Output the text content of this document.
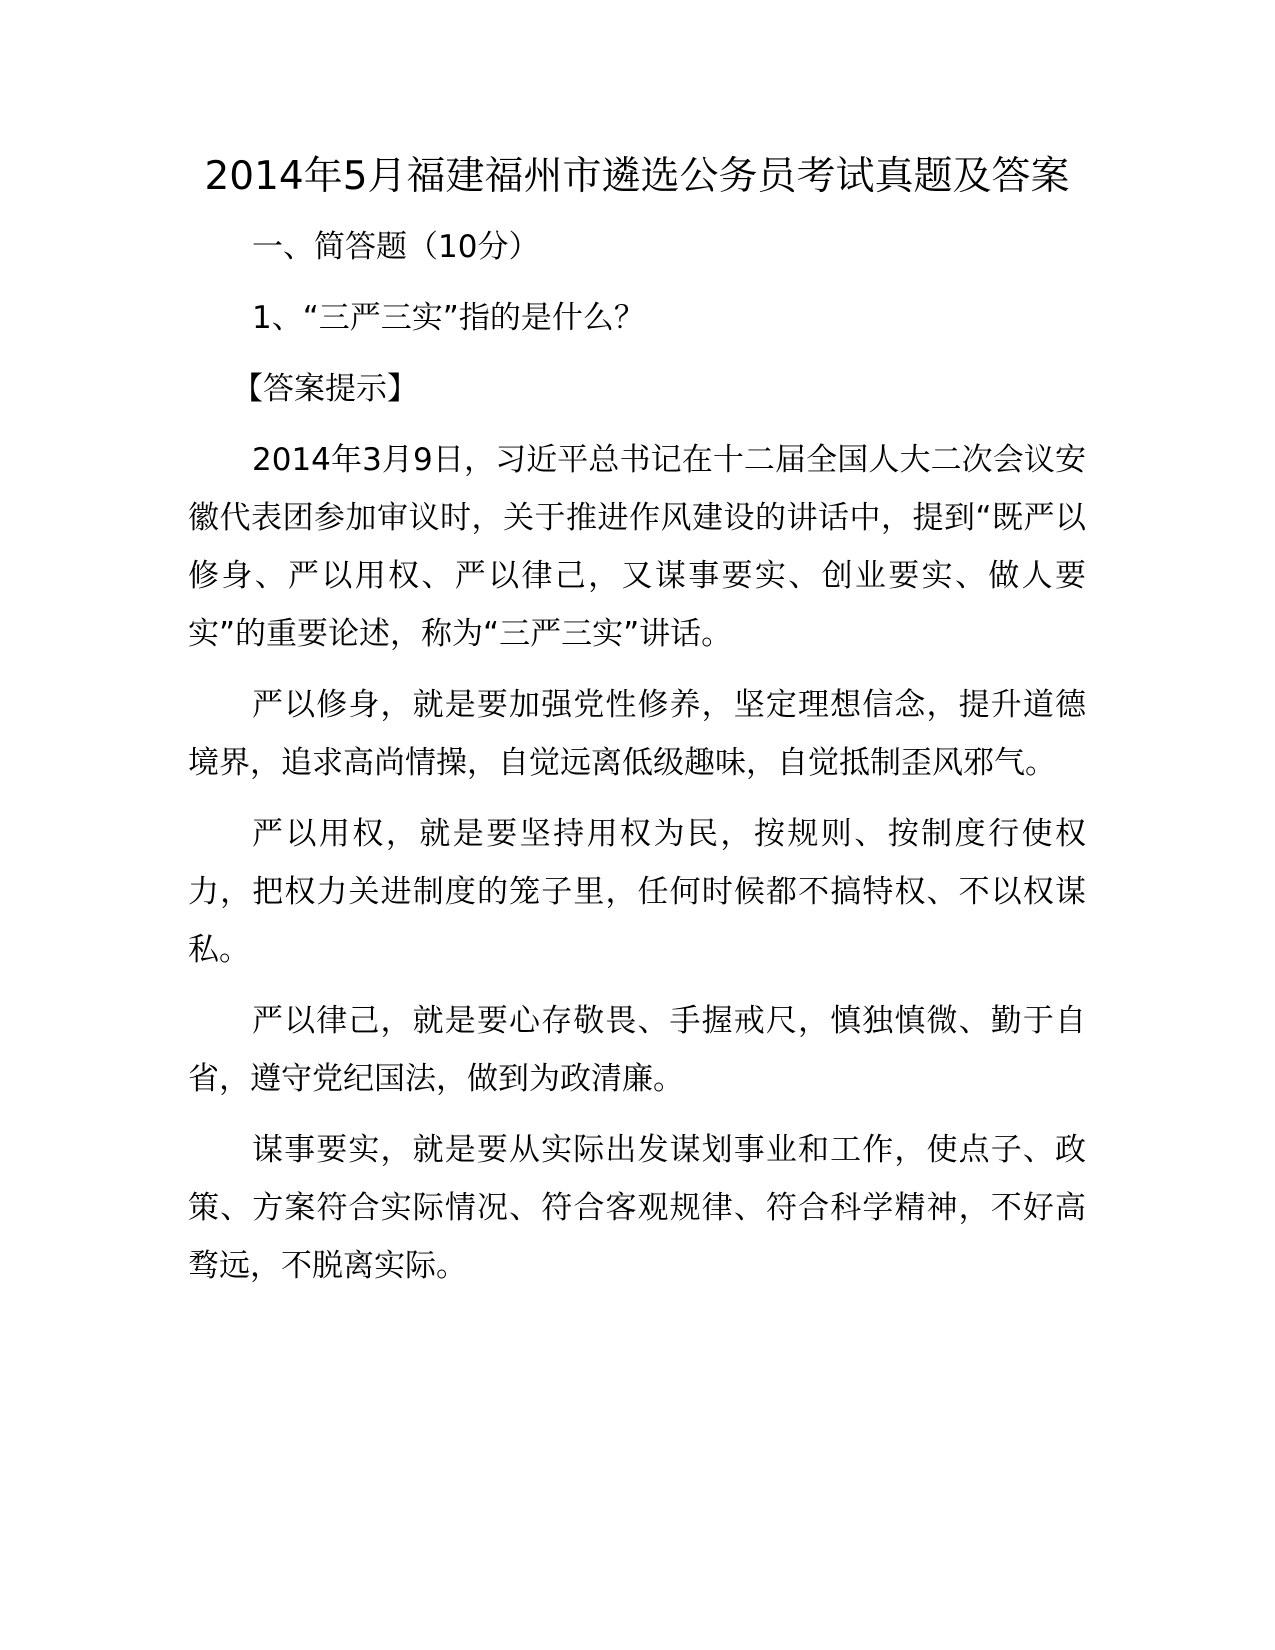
2014年5月福建福州市遴选公务员考试真题及答案

一、简答题（10分）

1、“三严三实”指的是什么？

【答案提示】

2014年3月9日，习近平总书记在十二届全国人大二次会议安徽代表团参加审议时，关于推进作风建设的讲话中，提到“既严以修身、严以用权、严以律己，又谋事要实、创业要实、做人要实”的重要论述，称为“三严三实”讲话。

严以修身，就是要加强党性修养，坚定理想信念，提升道德境界，追求高尚情操，自觉远离低级趣味，自觉抵制歪风邪气。

严以用权，就是要坚持用权为民，按规则、按制度行使权力，把权力关进制度的笼子里，任何时候都不搞特权、不以权谋私。

严以律己，就是要心存敬畏、手握戒尺，慎独慎微、勤于自省，遵守党纪国法，做到为政清廉。

谋事要实，就是要从实际出发谋划事业和工作，使点子、政策、方案符合实际情况、符合客观规律、符合科学精神，不好高骛远，不脱离实际。
